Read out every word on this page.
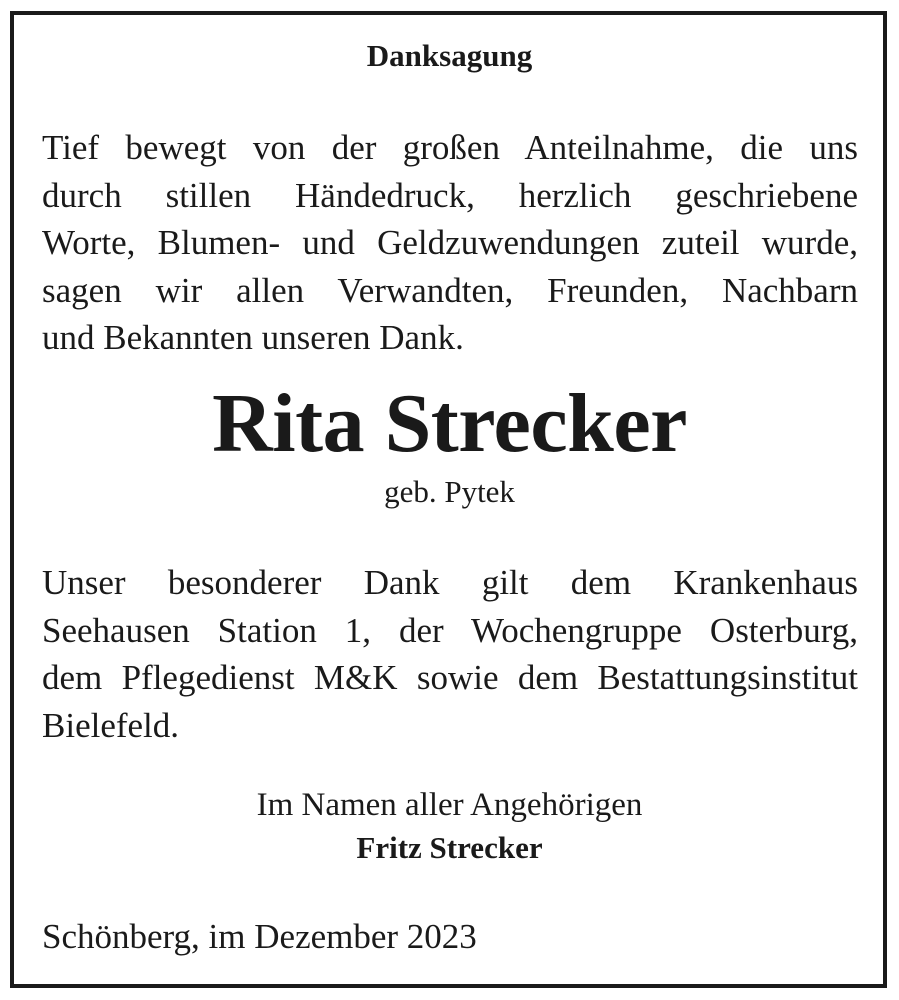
Danksagung
Tief bewegt von der großen Anteilnahme, die uns
durch stillen Händedruck, herzlich geschriebene
Worte, Blumen- und Geldzuwendungen zuteil wurde,
sagen wir allen Verwandten, Freunden, Nachbarn
und Bekannten unseren Dank.
Rita Strecker
geb. Pytek
Unser besonderer Dank gilt dem Krankenhaus
Seehausen Station 1, der Wochengruppe Osterburg,
dem Pflegedienst M&K sowie dem Bestattungsinstitut
Bielefeld.
Im Namen aller Angehörigen
Fritz Strecker
Schönberg, im Dezember 2023
